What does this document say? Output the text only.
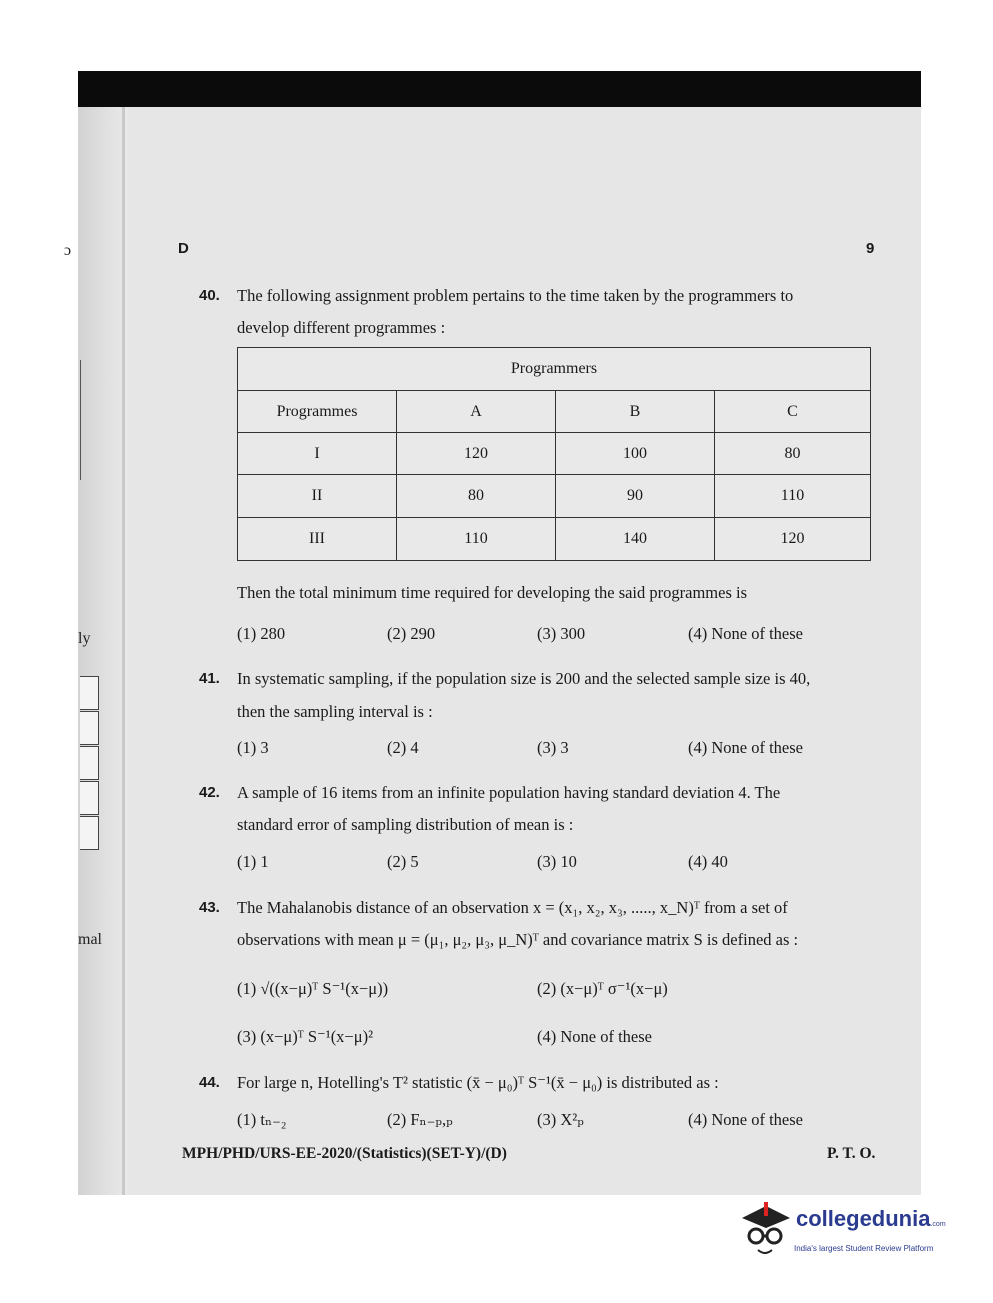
ɔ
ly
mal
D	9
40. The following assignment problem pertains to the time taken by the programmers to
develop different programmes :
Programmers			
Programmes	A	B	C
I	120	100	80
II	80	90	110
III	110	140	120
Then the total minimum time required for developing the said programmes is
(1) 280	(2) 290	(3) 300	(4) None of these
41. In systematic sampling, if the population size is 200 and the selected sample size is 40,
then the sampling interval is :
(1) 3	(2) 4	(3) 3	(4) None of these
42. A sample of 16 items from an infinite population having standard deviation 4. The
standard error of sampling distribution of mean is :
(1) 1	(2) 5	(3) 10	(4) 40
43. The Mahalanobis distance of an observation x = (x₁, x₂, x₃, ....., x_N)ᵀ from a set of
observations with mean μ = (μ₁, μ₂, μ₃, μ_N)ᵀ and covariance matrix S is defined as :
(1) √((x−μ)ᵀ S⁻¹(x−μ))	(2) (x−μ)ᵀ σ⁻¹(x−μ)
(3) (x−μ)ᵀ S⁻¹(x−μ)²	(4) None of these
44. For large n, Hotelling's T² statistic (x̄ − μ₀)ᵀ S⁻¹(x̄ − μ₀) is distributed as :
(1) tₙ₋₂	(2) Fₙ₋ₚ,ₚ	(3) X²ₚ	(4) None of these
MPH/PHD/URS-EE-2020/(Statistics)(SET-Y)/(D)	P. T. O.
collegedunia.com
India's largest Student Review Platform
